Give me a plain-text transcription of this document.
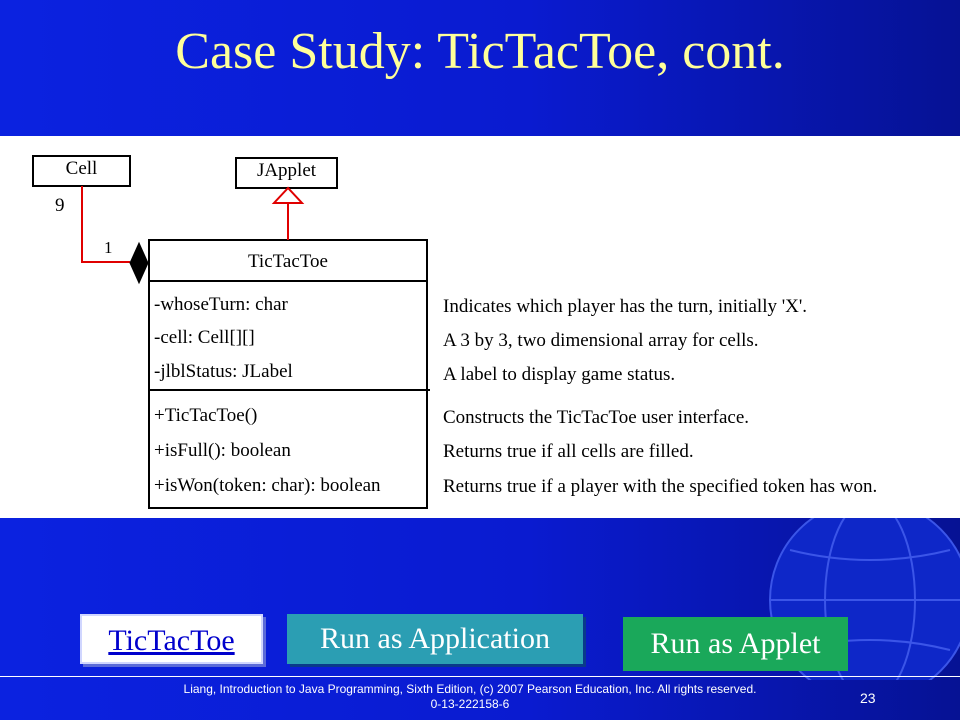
Case Study: TicTacToe, cont.
Cell	JApplet
TicTacToe
9
1
-whoseTurn: char
-cell: Cell[][]
-jlblStatus: JLabel
+TicTacToe()
+isFull(): boolean
+isWon(token: char): boolean
Indicates which player has the turn, initially 'X'.
A 3 by 3, two dimensional array for cells.
A label to display game status.
Constructs the TicTacToe user interface.
Returns true if all cells are filled.
Returns true if a player with the specified token has won.
TicTacToe	Run as Application	Run as Applet
Liang, Introduction to Java Programming, Sixth Edition, (c) 2007 Pearson Education, Inc. All rights reserved. 0-13-222158-6	23
